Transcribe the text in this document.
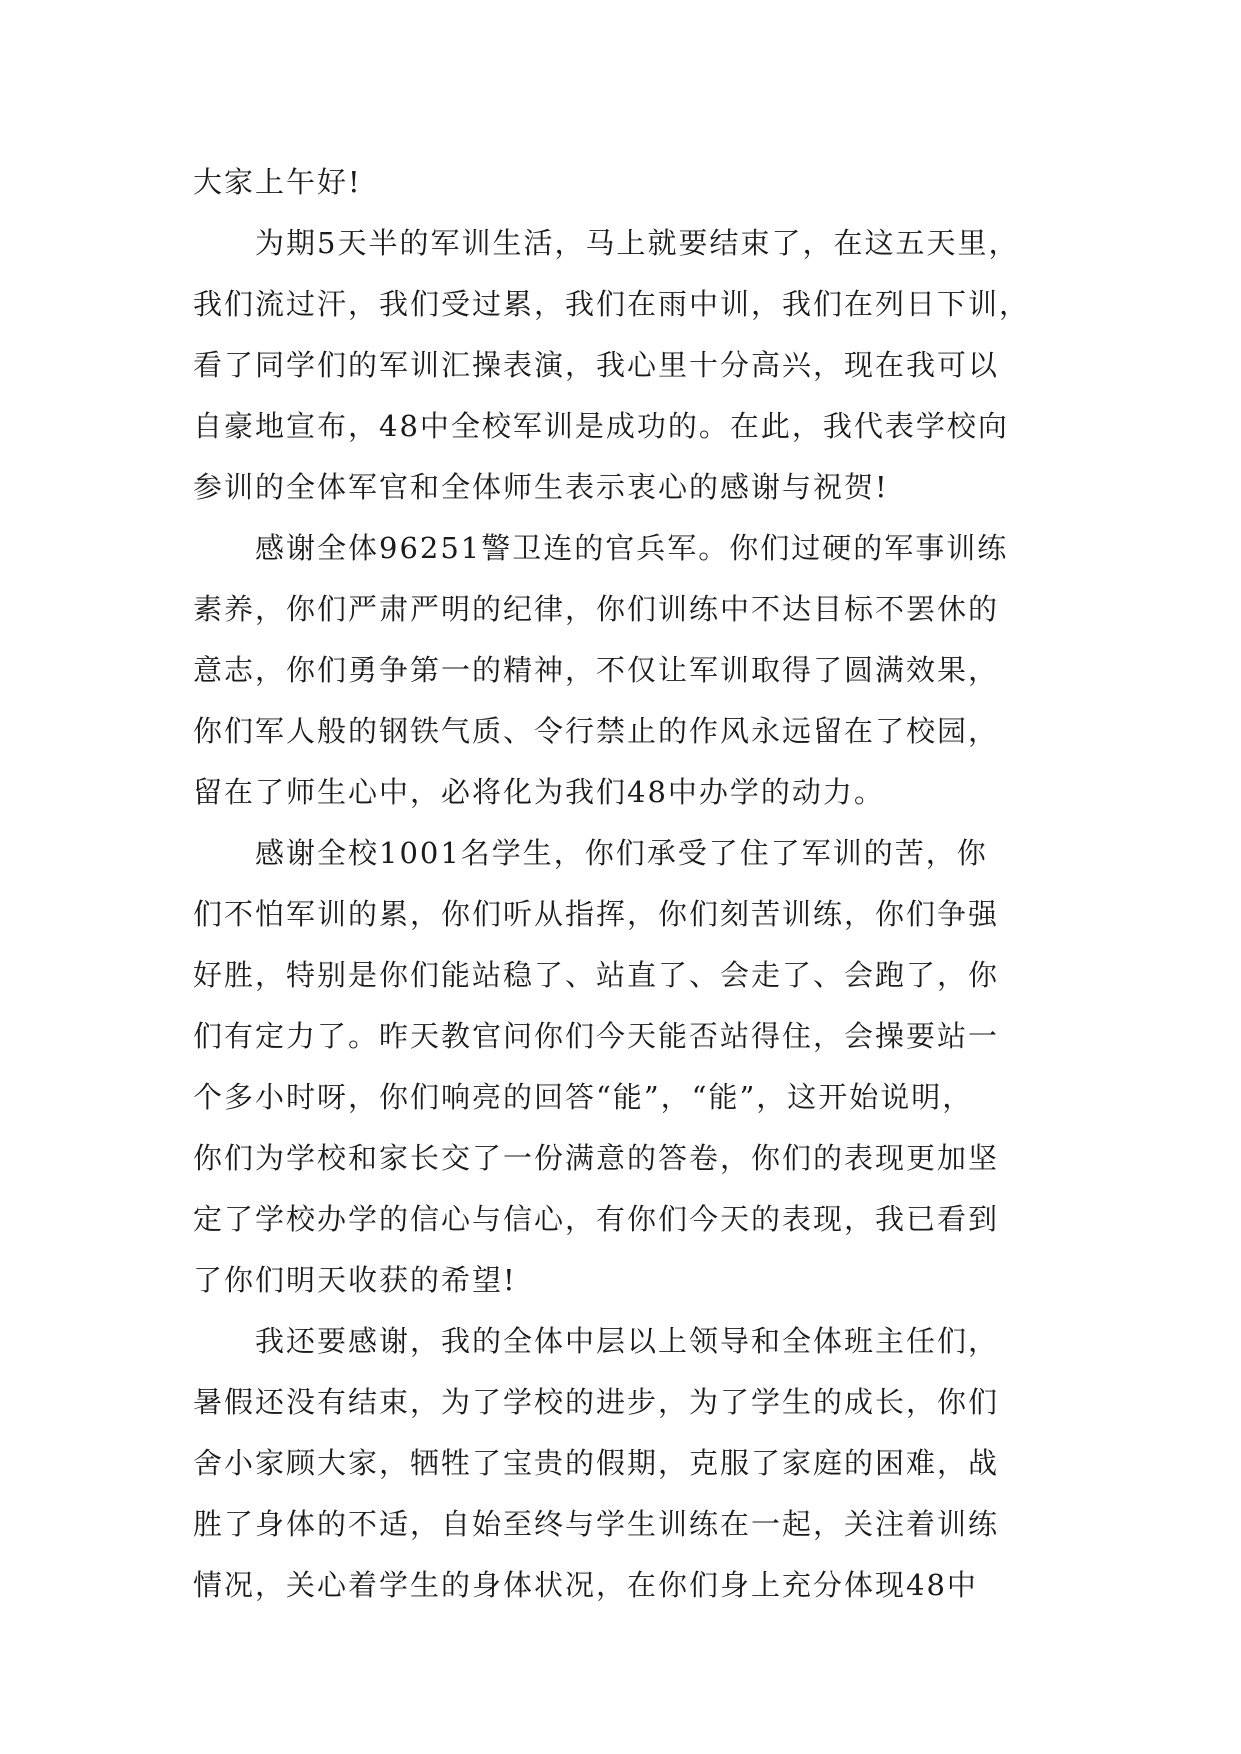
大家上午好!
为期5天半的军训生活，马上就要结束了，在这五天里，
我们流过汗，我们受过累，我们在雨中训，我们在列日下训，
看了同学们的军训汇操表演，我心里十分高兴，现在我可以
自豪地宣布，48中全校军训是成功的。在此，我代表学校向
参训的全体军官和全体师生表示衷心的感谢与祝贺!
感谢全体96251警卫连的官兵军。你们过硬的军事训练
素养，你们严肃严明的纪律，你们训练中不达目标不罢休的
意志，你们勇争第一的精神，不仅让军训取得了圆满效果，
你们军人般的钢铁气质、令行禁止的作风永远留在了校园，
留在了师生心中，必将化为我们48中办学的动力。
感谢全校1001名学生，你们承受了住了军训的苦，你
们不怕军训的累，你们听从指挥，你们刻苦训练，你们争强
好胜，特别是你们能站稳了、站直了、会走了、会跑了，你
们有定力了。昨天教官问你们今天能否站得住，会操要站一
个多小时呀，你们响亮的回答“能”，“能”，这开始说明，
你们为学校和家长交了一份满意的答卷，你们的表现更加坚
定了学校办学的信心与信心，有你们今天的表现，我已看到
了你们明天收获的希望!
我还要感谢，我的全体中层以上领导和全体班主任们，
暑假还没有结束，为了学校的进步，为了学生的成长，你们
舍小家顾大家，牺牲了宝贵的假期，克服了家庭的困难，战
胜了身体的不适，自始至终与学生训练在一起，关注着训练
情况，关心着学生的身体状况，在你们身上充分体现48中
